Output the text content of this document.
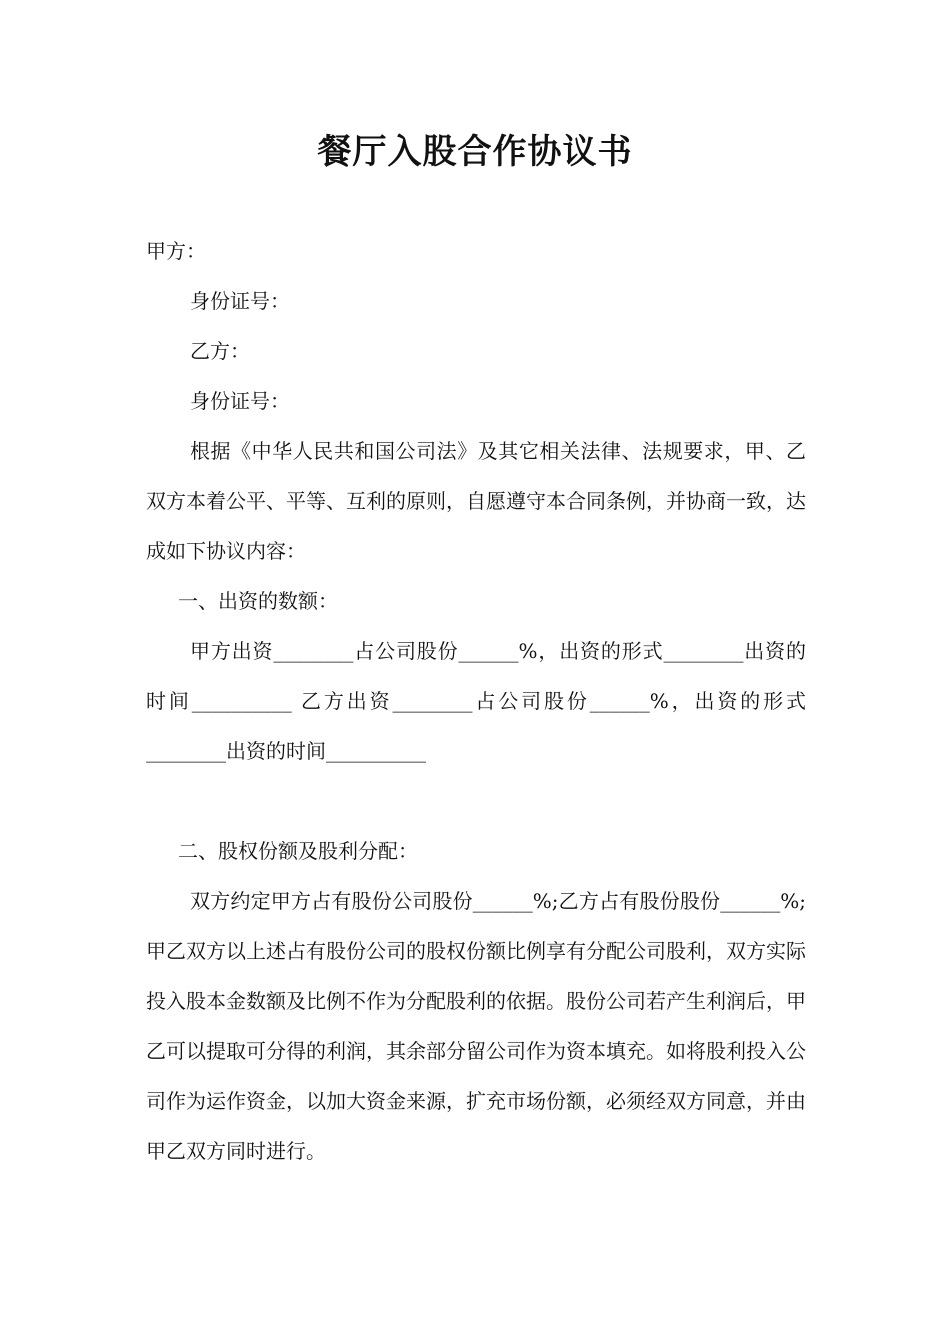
餐厅入股合作协议书

甲方：

身份证号：

乙方：

身份证号：

根据《中华人民共和国公司法》及其它相关法律、法规要求，甲、乙双方本着公平、平等、互利的原则，自愿遵守本合同条例，并协商一致，达成如下协议内容：

一、出资的数额：

甲方出资________占公司股份______%，出资的形式________出资的时间__________ 乙方出资________占公司股份______%，出资的形式________出资的时间__________

二、股权份额及股利分配：

双方约定甲方占有股份公司股份______%;乙方占有股份股份______%;甲乙双方以上述占有股份公司的股权份额比例享有分配公司股利，双方实际投入股本金数额及比例不作为分配股利的依据。股份公司若产生利润后，甲乙可以提取可分得的利润，其余部分留公司作为资本填充。如将股利投入公司作为运作资金，以加大资金来源，扩充市场份额，必须经双方同意，并由甲乙双方同时进行。
